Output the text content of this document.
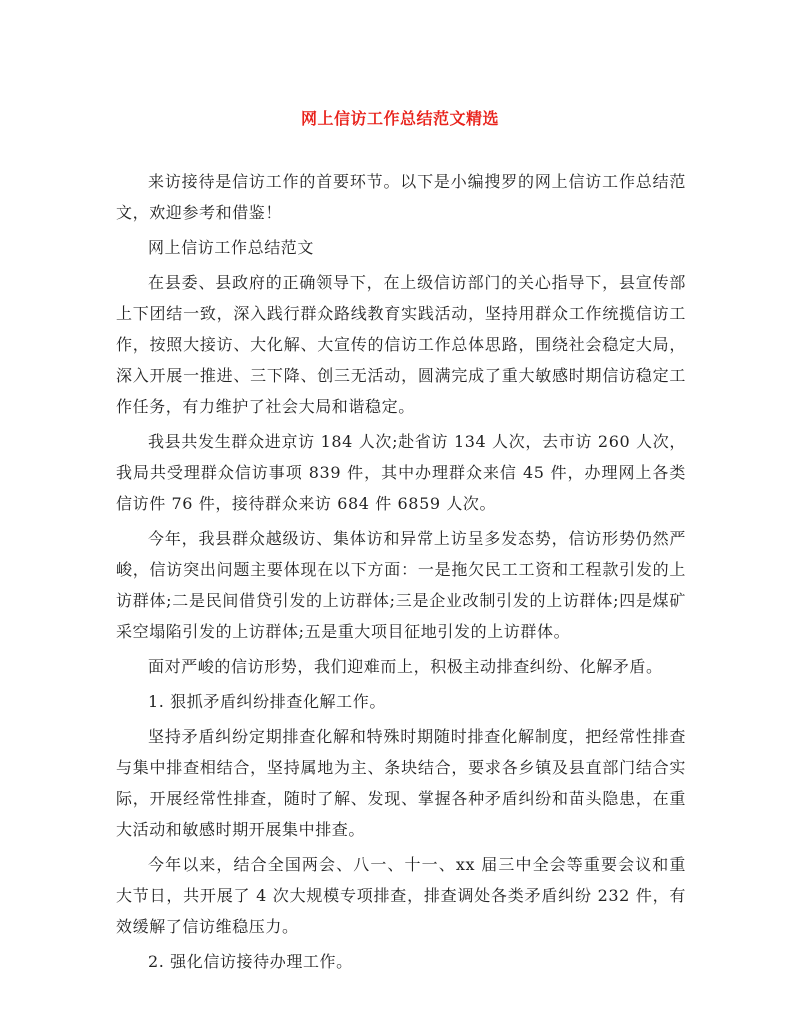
网上信访工作总结范文精选

来访接待是信访工作的首要环节。以下是小编搜罗的网上信访工作总结范文，欢迎参考和借鉴！

网上信访工作总结范文

在县委、县政府的正确领导下，在上级信访部门的关心指导下，县宣传部上下团结一致，深入践行群众路线教育实践活动，坚持用群众工作统揽信访工作，按照大接访、大化解、大宣传的信访工作总体思路，围绕社会稳定大局，深入开展一推进、三下降、创三无活动，圆满完成了重大敏感时期信访稳定工作任务，有力维护了社会大局和谐稳定。

我县共发生群众进京访 184 人次;赴省访 134 人次，去市访 260 人次，我局共受理群众信访事项 839 件，其中办理群众来信 45 件，办理网上各类信访件 76 件，接待群众来访 684 件 6859 人次。

今年，我县群众越级访、集体访和异常上访呈多发态势，信访形势仍然严峻，信访突出问题主要体现在以下方面：一是拖欠民工工资和工程款引发的上访群体;二是民间借贷引发的上访群体;三是企业改制引发的上访群体;四是煤矿采空塌陷引发的上访群体;五是重大项目征地引发的上访群体。

面对严峻的信访形势，我们迎难而上，积极主动排查纠纷、化解矛盾。

1. 狠抓矛盾纠纷排查化解工作。

坚持矛盾纠纷定期排查化解和特殊时期随时排查化解制度，把经常性排查与集中排查相结合，坚持属地为主、条块结合，要求各乡镇及县直部门结合实际，开展经常性排查，随时了解、发现、掌握各种矛盾纠纷和苗头隐患，在重大活动和敏感时期开展集中排查。

今年以来，结合全国两会、八一、十一、xx 届三中全会等重要会议和重大节日，共开展了 4 次大规模专项排查，排查调处各类矛盾纠纷 232 件，有效缓解了信访维稳压力。

2. 强化信访接待办理工作。
